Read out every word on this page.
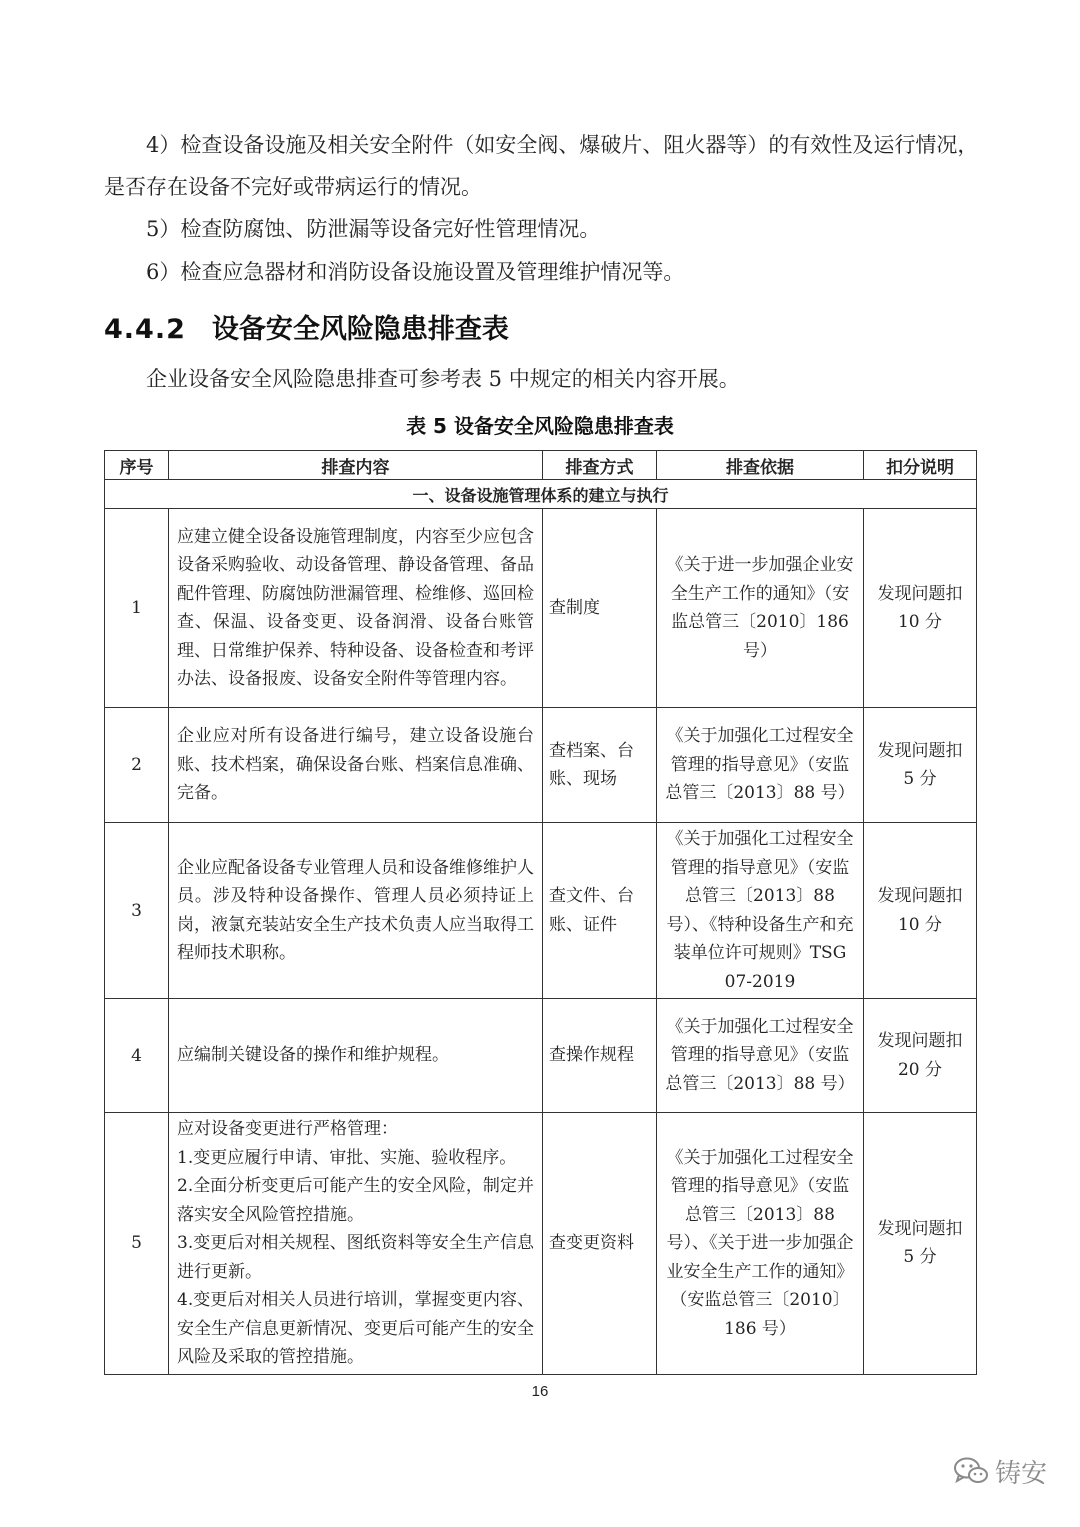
4）检查设备设施及相关安全附件（如安全阀、爆破片、阻火器等）的有效性及运行情况，是否存在设备不完好或带病运行的情况。

5）检查防腐蚀、防泄漏等设备完好性管理情况。

6）检查应急器材和消防设备设施设置及管理维护情况等。

4.4.2 设备安全风险隐患排查表

企业设备安全风险隐患排查可参考表 5 中规定的相关内容开展。

表 5 设备安全风险隐患排查表
序号	排查内容	排查方式	排查依据	扣分说明
一、设备设施管理体系的建立与执行				
1	应建立健全设备设施管理制度，内容至少应包含设备采购验收、动设备管理、静设备管理、备品配件管理、防腐蚀防泄漏管理、检维修、巡回检查、保温、设备变更、设备润滑、设备台账管理、日常维护保养、特种设备、设备检查和考评办法、设备报废、设备安全附件等管理内容。	查制度	《关于进一步加强企业安全生产工作的通知》（安监总管三〔2010〕186 号）	发现问题扣 10 分
2	企业应对所有设备进行编号，建立设备设施台账、技术档案，确保设备台账、档案信息准确、完备。	查档案、台账、现场	《关于加强化工过程安全管理的指导意见》（安监总管三〔2013〕88 号）	发现问题扣 5 分
3	企业应配备设备专业管理人员和设备维修维护人员。涉及特种设备操作、管理人员必须持证上岗，液氯充装站安全生产技术负责人应当取得工程师技术职称。	查文件、台账、证件	《关于加强化工过程安全管理的指导意见》（安监总管三〔2013〕88 号）、《特种设备生产和充装单位许可规则》TSG 07-2019	发现问题扣 10 分
4	应编制关键设备的操作和维护规程。	查操作规程	《关于加强化工过程安全管理的指导意见》（安监总管三〔2013〕88 号）	发现问题扣 20 分
5	应对设备变更进行严格管理：
1.变更应履行申请、审批、实施、验收程序。
2.全面分析变更后可能产生的安全风险，制定并落实安全风险管控措施。
3.变更后对相关规程、图纸资料等安全生产信息进行更新。
4.变更后对相关人员进行培训，掌握变更内容、安全生产信息更新情况、变更后可能产生的安全风险及采取的管控措施。	查变更资料	《关于加强化工过程安全管理的指导意见》（安监总管三〔2013〕88 号）、《关于进一步加强企业安全生产工作的通知》（安监总管三〔2010〕186 号）	发现问题扣 5 分
16
铸安
